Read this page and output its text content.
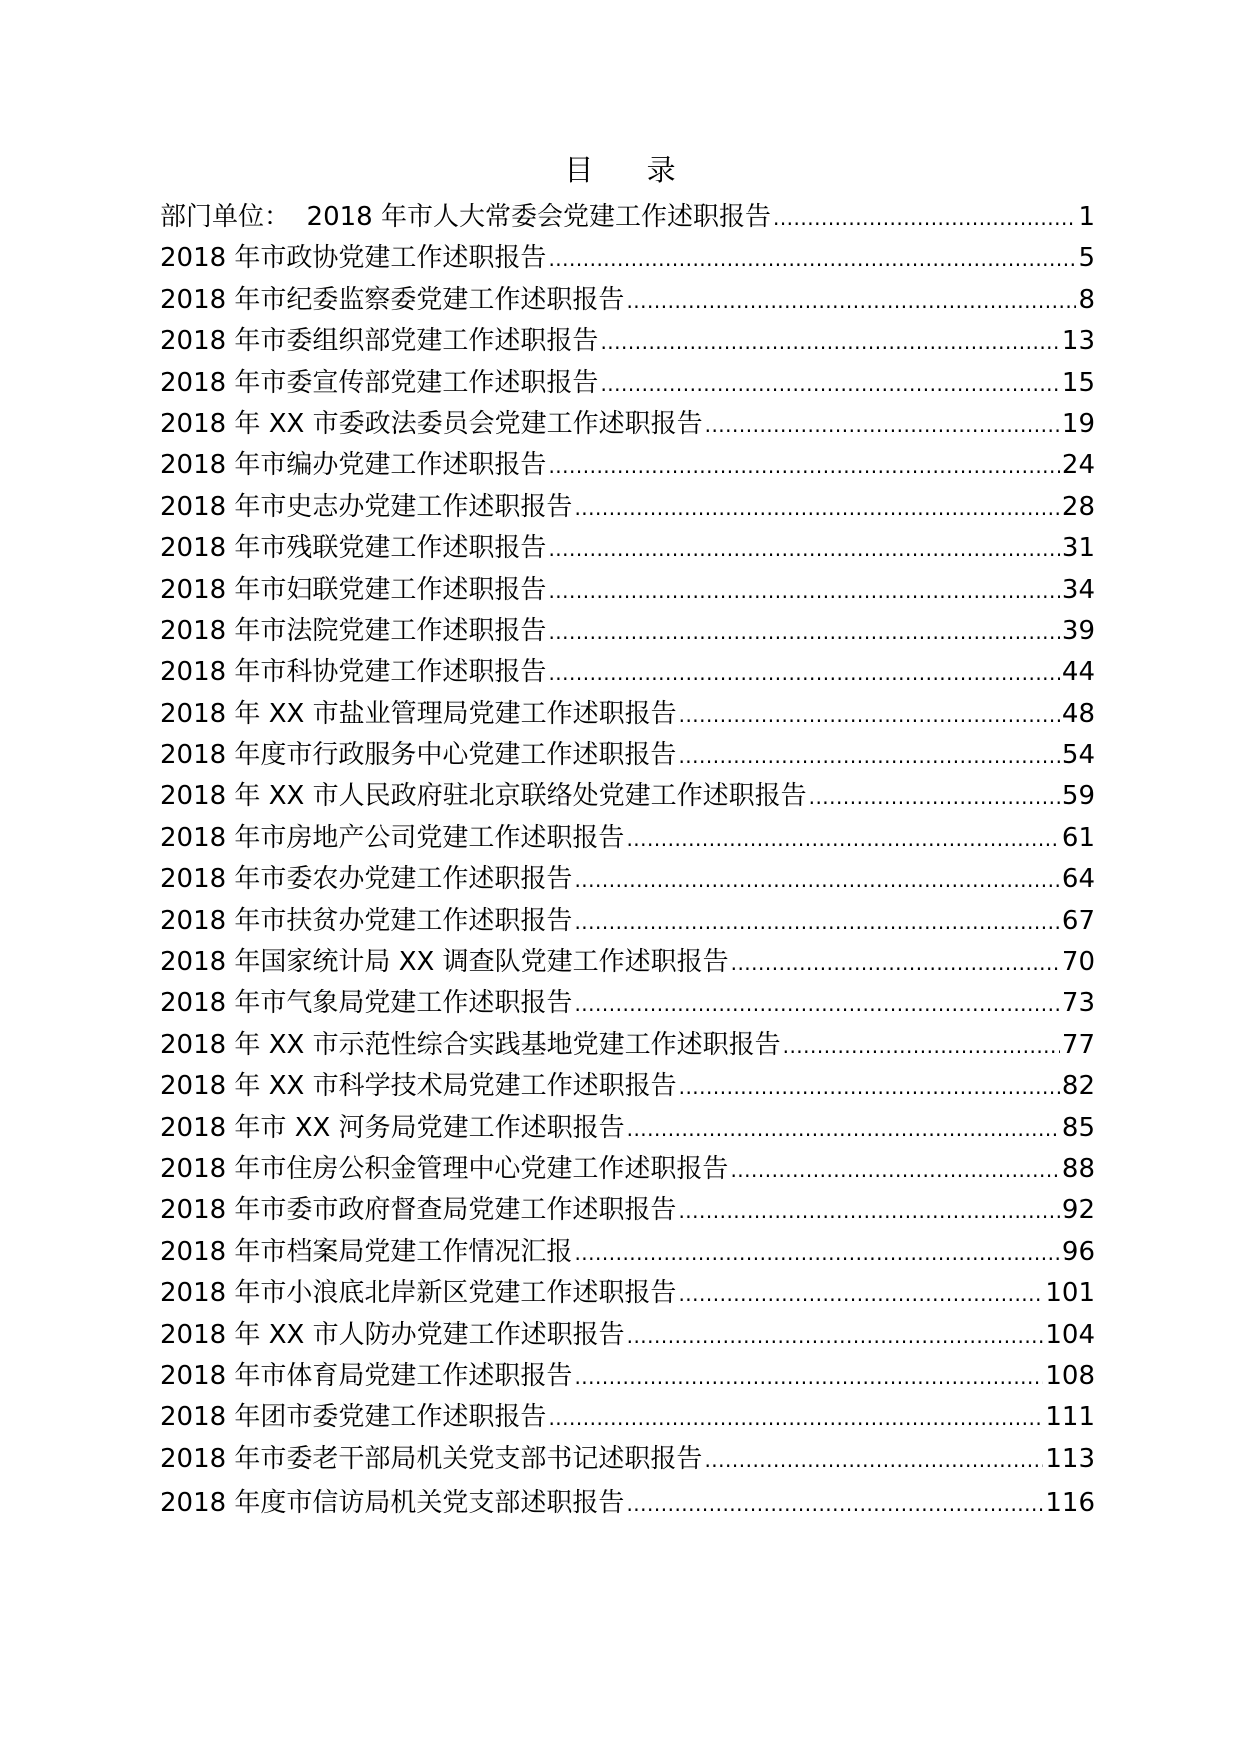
目 录
部门单位：  2018 年市人大常委会党建工作述职报告 .....	1
2018 年市政协党建工作述职报告 .....	5
2018 年市纪委监察委党建工作述职报告 .....	8
2018 年市委组织部党建工作述职报告 .....	13
2018 年市委宣传部党建工作述职报告 .....	15
2018 年 XX 市委政法委员会党建工作述职报告 .....	19
2018 年市编办党建工作述职报告 .....	24
2018 年市史志办党建工作述职报告 .....	28
2018 年市残联党建工作述职报告 .....	31
2018 年市妇联党建工作述职报告 .....	34
2018 年市法院党建工作述职报告 .....	39
2018 年市科协党建工作述职报告 .....	44
2018 年 XX 市盐业管理局党建工作述职报告 .....	48
2018 年度市行政服务中心党建工作述职报告 .....	54
2018 年 XX 市人民政府驻北京联络处党建工作述职报告 .....	59
2018 年市房地产公司党建工作述职报告 .....	61
2018 年市委农办党建工作述职报告 .....	64
2018 年市扶贫办党建工作述职报告 .....	67
2018 年国家统计局 XX 调查队党建工作述职报告 .....	70
2018 年市气象局党建工作述职报告 .....	73
2018 年 XX 市示范性综合实践基地党建工作述职报告 .....	77
2018 年 XX 市科学技术局党建工作述职报告 .....	82
2018 年市 XX 河务局党建工作述职报告 .....	85
2018 年市住房公积金管理中心党建工作述职报告 .....	88
2018 年市委市政府督查局党建工作述职报告 .....	92
2018 年市档案局党建工作情况汇报 .....	96
2018 年市小浪底北岸新区党建工作述职报告 .....	101
2018 年 XX 市人防办党建工作述职报告 .....	104
2018 年市体育局党建工作述职报告 .....	108
2018 年团市委党建工作述职报告 .....	111
2018 年市委老干部局机关党支部书记述职报告 .....	113
2018 年度市信访局机关党支部述职报告 .....	116
